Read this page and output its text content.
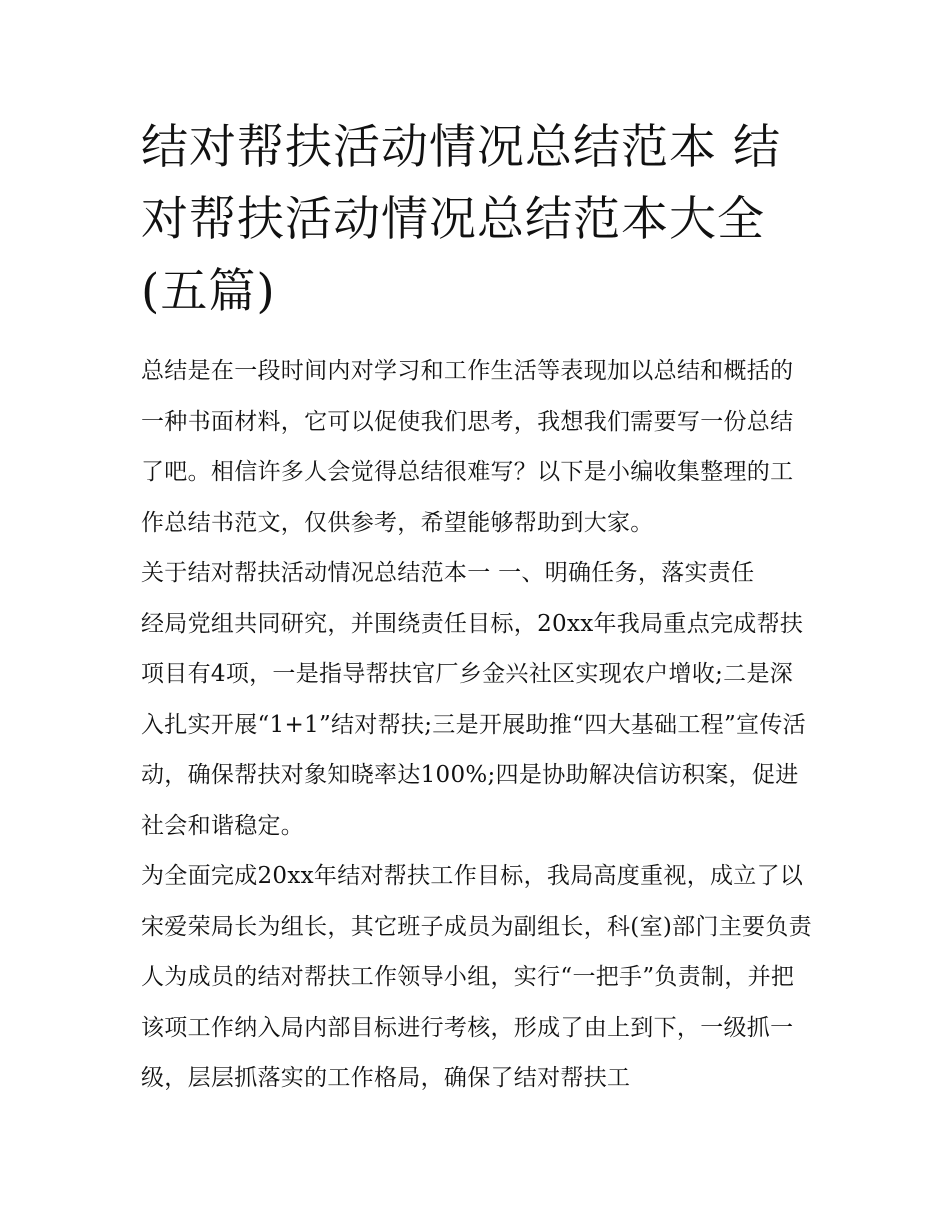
结对帮扶活动情况总结范本 结对帮扶活动情况总结范本大全(五篇)

总结是在一段时间内对学习和工作生活等表现加以总结和概括的一种书面材料，它可以促使我们思考，我想我们需要写一份总结了吧。相信许多人会觉得总结很难写？以下是小编收集整理的工作总结书范文，仅供参考，希望能够帮助到大家。

关于结对帮扶活动情况总结范本一 一、明确任务，落实责任

经局党组共同研究，并围绕责任目标，20xx年我局重点完成帮扶项目有4项，一是指导帮扶官厂乡金兴社区实现农户增收;二是深入扎实开展“1+1”结对帮扶;三是开展助推“四大基础工程”宣传活动，确保帮扶对象知晓率达100%;四是协助解决信访积案，促进社会和谐稳定。

为全面完成20xx年结对帮扶工作目标，我局高度重视，成立了以宋爱荣局长为组长，其它班子成员为副组长，科(室)部门主要负责人为成员的结对帮扶工作领导小组，实行“一把手”负责制，并把该项工作纳入局内部目标进行考核，形成了由上到下，一级抓一级，层层抓落实的工作格局，确保了结对帮扶工
